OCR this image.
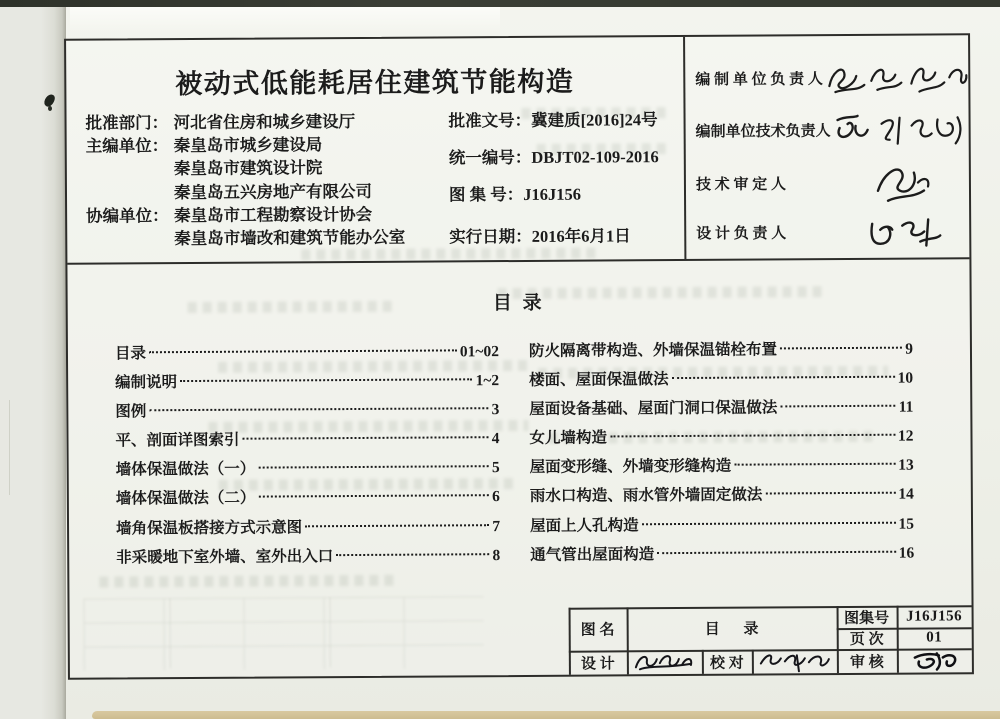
被动式低能耗居住建筑节能构造
批准部门： 河北省住房和城乡建设厅
主编单位： 秦皇岛市城乡建设局
秦皇岛市建筑设计院
秦皇岛五兴房地产有限公司
协编单位： 秦皇岛市工程勘察设计协会
秦皇岛市墙改和建筑节能办公室
批准文号：冀建质[2016]24号
统一编号：DBJT02-109-2016
图 集 号：J16J156
实行日期：2016年6月1日
编 制 单 位 负 责 人
编制单位技术负责人
技 术 审 定 人
设 计 负 责 人
目 录
目录	01~02
编制说明	1~2
图例	3
平、剖面详图索引	4
墙体保温做法（一）	5
墙体保温做法（二）	6
墙角保温板搭接方式示意图	7
非采暖地下室外墙、室外出入口	8
防火隔离带构造、外墙保温锚栓布置	9
楼面、屋面保温做法	10
屋面设备基础、屋面门洞口保温做法	11
女儿墙构造	12
屋面变形缝、外墙变形缝构造	13
雨水口构造、雨水管外墙固定做法	14
屋面上人孔构造	15
通气管出屋面构造	16
图 名	目 录
图集号	J16J156
页 次	01
设 计	校 对	审 核
